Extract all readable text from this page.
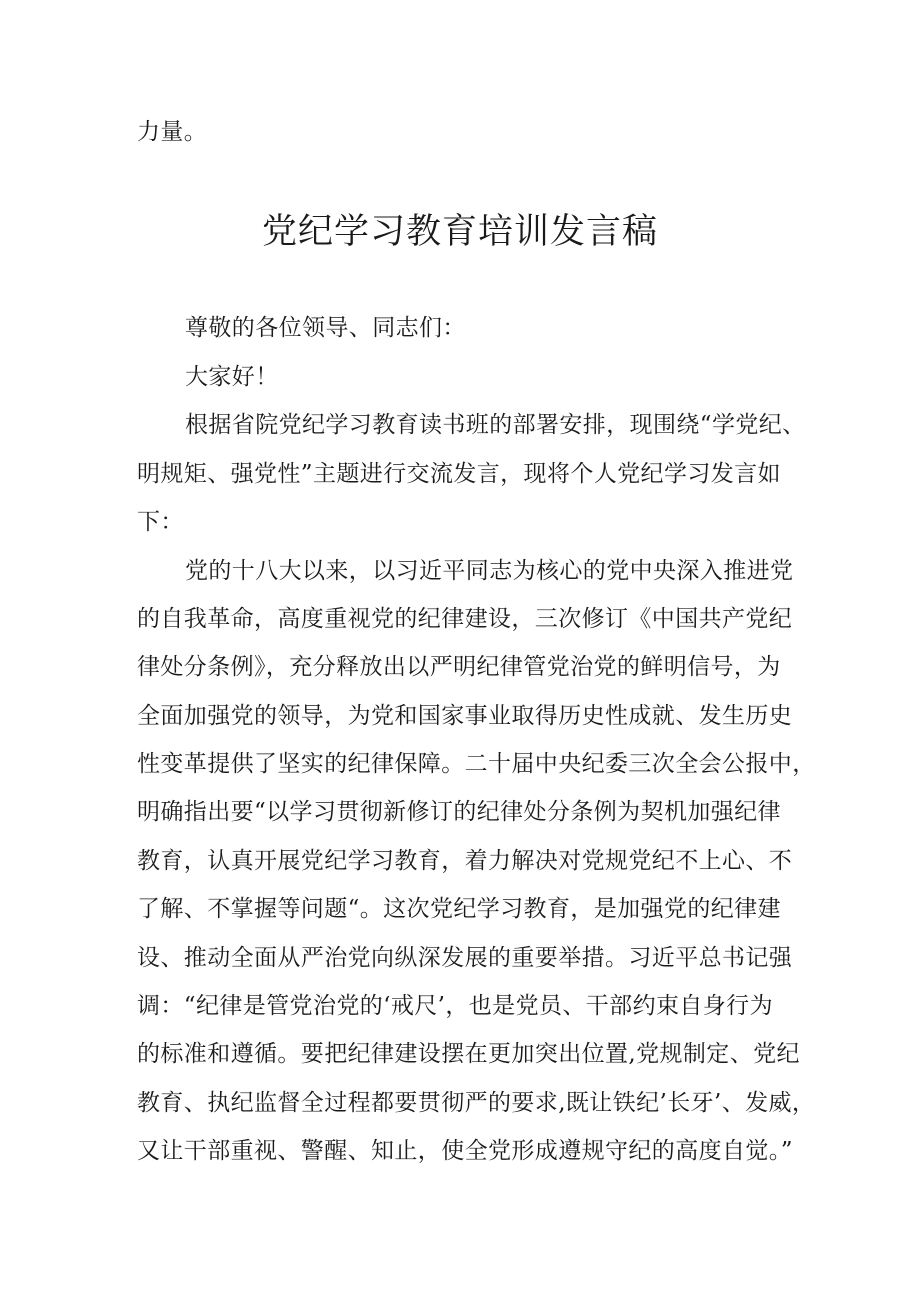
力量。
党纪学习教育培训发言稿
尊敬的各位领导、同志们：
大家好！
根据省院党纪学习教育读书班的部署安排，现围绕“学党纪、
明规矩、强党性”主题进行交流发言，现将个人党纪学习发言如
下：
党的十八大以来，以习近平同志为核心的党中央深入推进党
的自我革命，高度重视党的纪律建设，三次修订《中国共产党纪
律处分条例》，充分释放出以严明纪律管党治党的鲜明信号，为
全面加强党的领导，为党和国家事业取得历史性成就、发生历史
性变革提供了坚实的纪律保障。二十届中央纪委三次全会公报中，
明确指出要“以学习贯彻新修订的纪律处分条例为契机加强纪律
教育，认真开展党纪学习教育，着力解决对党规党纪不上心、不
了解、不掌握等问题“。这次党纪学习教育，是加强党的纪律建
设、推动全面从严治党向纵深发展的重要举措。习近平总书记强
调：“纪律是管党治党的‘戒尺’，也是党员、干部约束自身行为
的标准和遵循。要把纪律建设摆在更加突出位置,党规制定、党纪
教育、执纪监督全过程都要贯彻严的要求,既让铁纪’长牙’、发威，
又让干部重视、警醒、知止，使全党形成遵规守纪的高度自觉。”
